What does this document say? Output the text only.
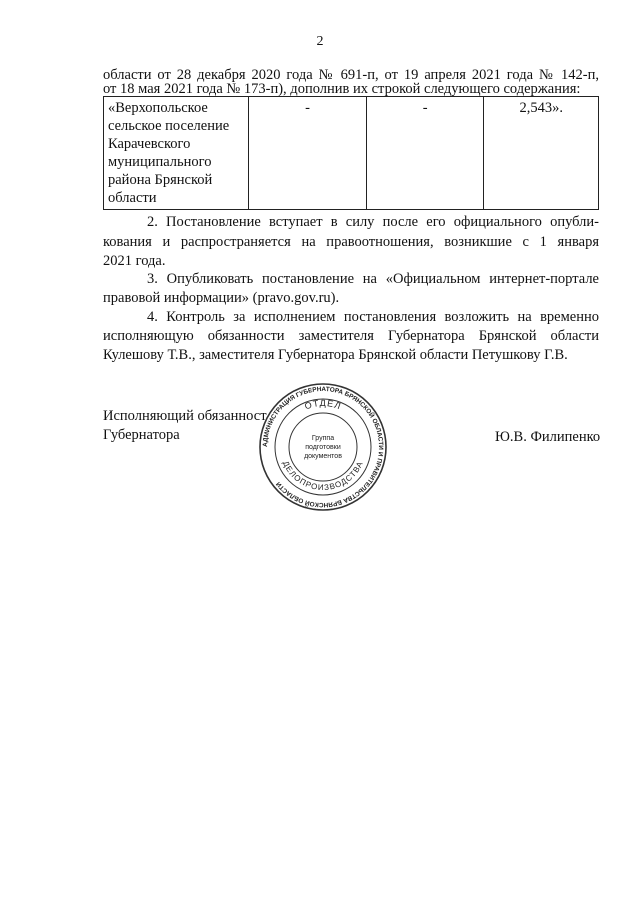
2
области от 28 декабря 2020 года № 691-п, от 19 апреля 2021 года № 142-п,
от 18 мая 2021 года № 173-п), дополнив их строкой следующего содержания:
«Верхопольское
сельское поселение
Карачевского
муниципального
района Брянской
области
	-	-	2,543».
2. Постановление вступает в силу после его официального опубли-
кования и распространяется на правоотношения, возникшие с 1 января
2021 года.
3. Опубликовать постановление на «Официальном интернет-портале
правовой информации» (pravo.gov.ru).
4. Контроль за исполнением постановления возложить на временно
исполняющую обязанности заместителя Губернатора Брянской области
Кулешову Т.В., заместителя Губернатора Брянской области Петушкову Г.В.
Исполняющий обязанност
Губернатора	Ю.В. Филипенко
АДМИНИСТРАЦИЯ ГУБЕРНАТОРА БРЯНСКОЙ ОБЛАСТИ И ПРАВИТЕЛЬСТВА БРЯНСКОЙ ОБЛАСТИ
ОТДЕЛ
ДЕЛОПРОИЗВОДСТВА
Группа
подготовки
документов
